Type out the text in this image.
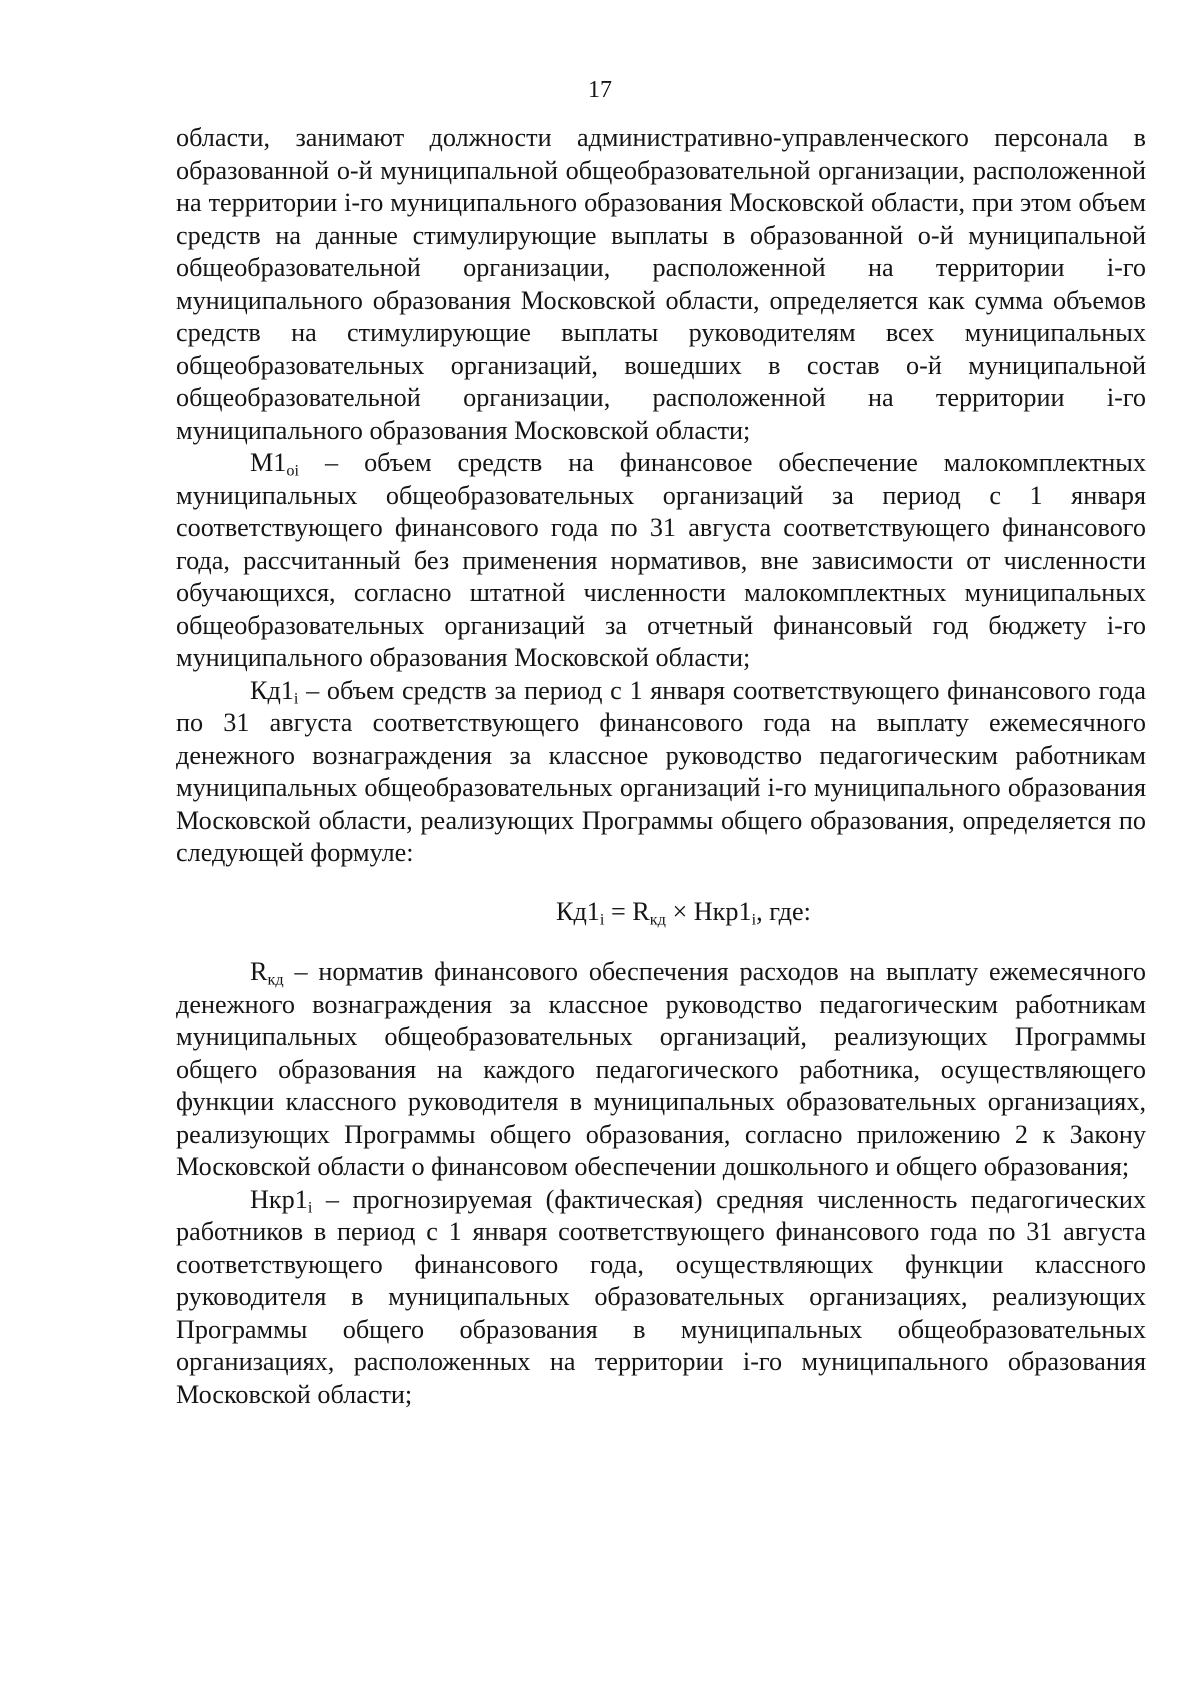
17

области, занимают должности административно-управленческого персонала в образованной о-й муниципальной общеобразовательной организации, расположенной на территории i-го муниципального образования Московской области, при этом объем средств на данные стимулирующие выплаты в образованной о-й муниципальной общеобразовательной организации, расположенной на территории i-го муниципального образования Московской области, определяется как сумма объемов средств на стимулирующие выплаты руководителям всех муниципальных общеобразовательных организаций, вошедших в состав о-й муниципальной общеобразовательной организации, расположенной на территории i-го муниципального образования Московской области;

$М1_{oi}$ – объем средств на финансовое обеспечение малокомплектных муниципальных общеобразовательных организаций за период с 1 января соответствующего финансового года по 31 августа соответствующего финансового года, рассчитанный без применения нормативов, вне зависимости от численности обучающихся, согласно штатной численности малокомплектных муниципальных общеобразовательных организаций за отчетный финансовый год бюджету i-го муниципального образования Московской области;

$Кд1_i$ – объем средств за период с 1 января соответствующего финансового года по 31 августа соответствующего финансового года на выплату ежемесячного денежного вознаграждения за классное руководство педагогическим работникам муниципальных общеобразовательных организаций i-го муниципального образования Московской области, реализующих Программы общего образования, определяется по следующей формуле:

$Кд1_i = R_{кд} \times Нкр1_i$, где:

$R_{кд}$ – норматив финансового обеспечения расходов на выплату ежемесячного денежного вознаграждения за классное руководство педагогическим работникам муниципальных общеобразовательных организаций, реализующих Программы общего образования на каждого педагогического работника, осуществляющего функции классного руководителя в муниципальных образовательных организациях, реализующих Программы общего образования, согласно приложению 2 к Закону Московской области о финансовом обеспечении дошкольного и общего образования;

$Нкр1_i$ – прогнозируемая (фактическая) средняя численность педагогических работников в период с 1 января соответствующего финансового года по 31 августа соответствующего финансового года, осуществляющих функции классного руководителя в муниципальных образовательных организациях, реализующих Программы общего образования в муниципальных общеобразовательных организациях, расположенных на территории i-го муниципального образования Московской области;
